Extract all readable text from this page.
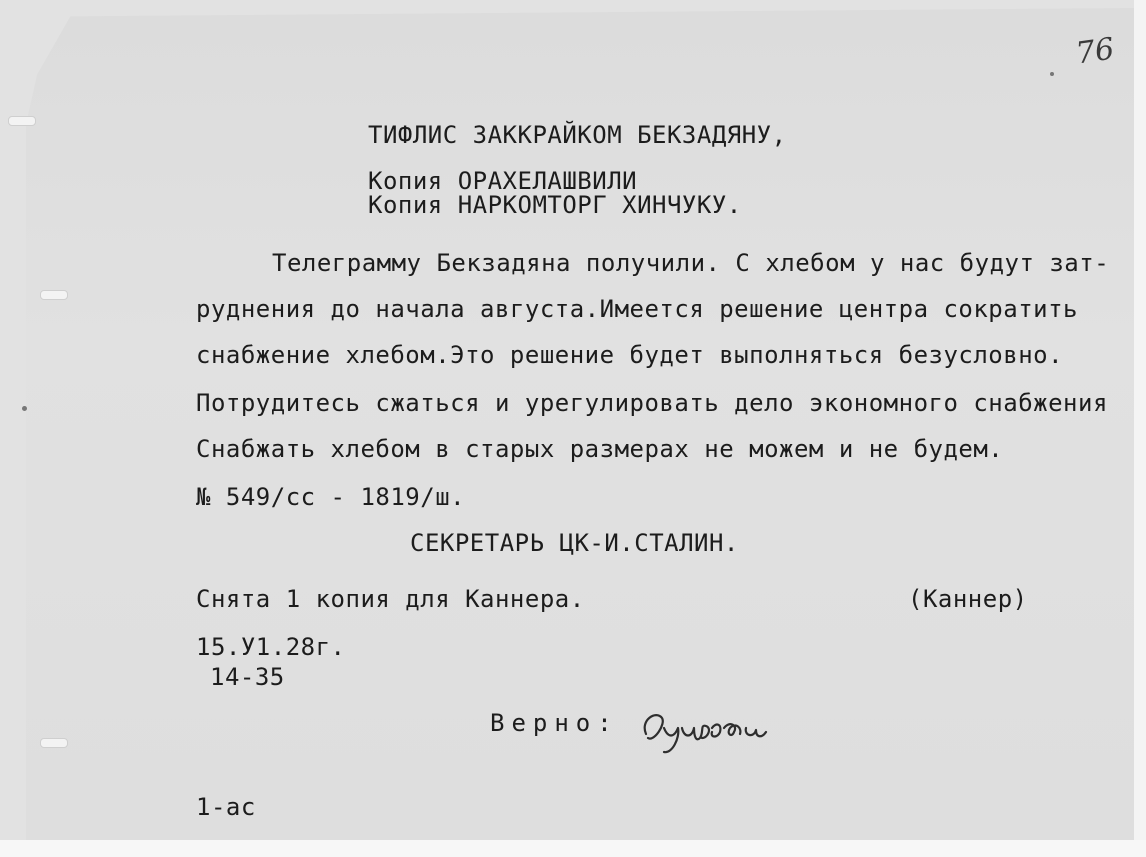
76

ТИФЛИС ЗАККРАЙКОМ БЕКЗАДЯНУ,

Копия ОРАХЕЛАШВИЛИ

Копия НАРКОМТОРГ ХИНЧУКУ.

Телеграмму Бекзадяна получили. С хлебом у нас будут зат-

руднения до начала августа.Имеется решение центра сократить

снабжение хлебом.Это решение будет выполняться безусловно.

Потрудитесь сжаться и урегулировать дело экономного снабжения

Снабжать хлебом в старых размерах не можем и не будем.

№ 549/сс - 1819/ш.

СЕКРЕТАРЬ ЦК-И.СТАЛИН.

Снята 1 копия для Каннера.	(Каннер)

15.У1.28г.

14-35

Верно:

1-ас
